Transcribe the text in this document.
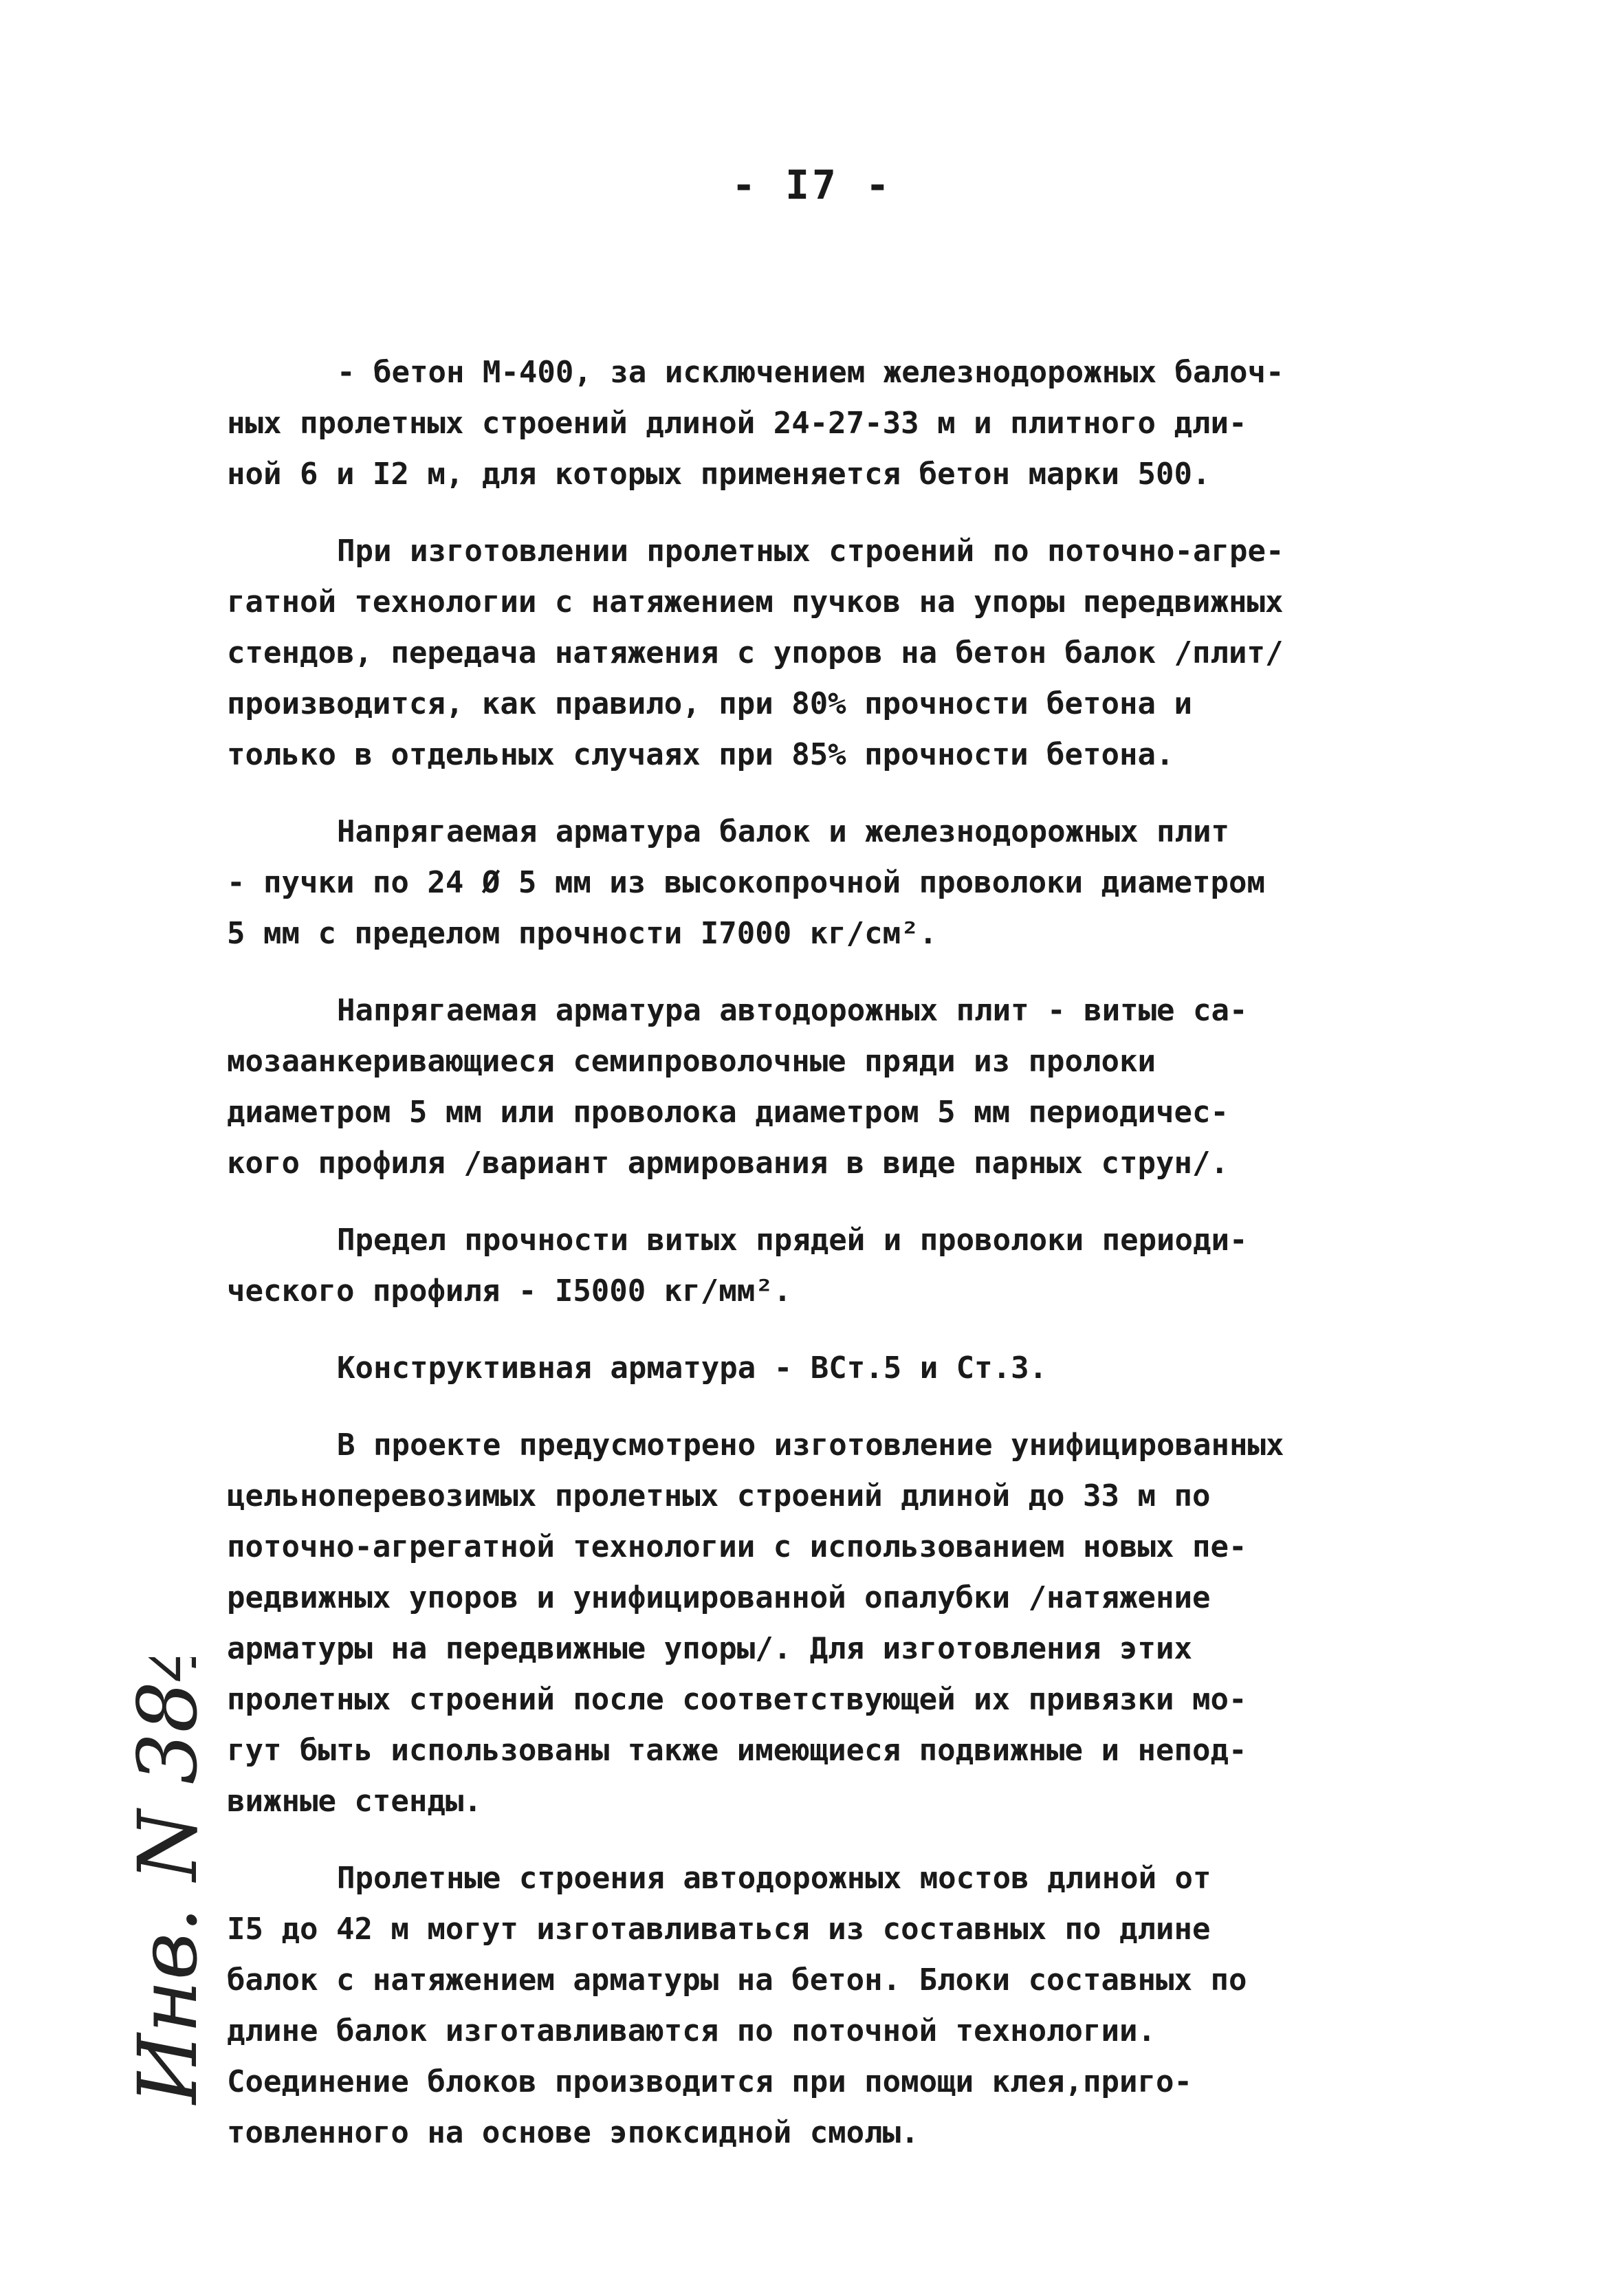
- I7 -
Инв. N 384/1
- бетон М-400, за исключением железнодорожных балоч-
ных пролетных строений длиной 24-27-33 м и плитного дли-
ной 6 и I2 м, для которых применяется бетон марки 500.
При изготовлении пролетных строений по поточно-агре-
гатной технологии с натяжением пучков на упоры передвижных
стендов, передача натяжения с упоров на бетон балок /плит/
производится, как правило, при 80% прочности бетона и
только в отдельных случаях при 85% прочности бетона.
Напрягаемая арматура балок и железнодорожных плит
- пучки по 24 Ø 5 мм из высокопрочной проволоки диаметром
5 мм с пределом прочности I7000 кг/см².
Напрягаемая арматура автодорожных плит - витые са-
мозаанкеривающиеся семипроволочные пряди из пролоки
диаметром 5 мм или проволока диаметром 5 мм периодичес-
кого профиля /вариант армирования в виде парных струн/.
Предел прочности витых прядей и проволоки периоди-
ческого профиля - I5000 кг/мм².
Конструктивная арматура - ВСт.5 и Ст.3.
В проекте предусмотрено изготовление унифицированных
цельноперевозимых пролетных строений длиной до 33 м по
поточно-агрегатной технологии с использованием новых пе-
редвижных упоров и унифицированной опалубки /натяжение
арматуры на передвижные упоры/. Для изготовления этих
пролетных строений после соответствующей их привязки мо-
гут быть использованы также имеющиеся подвижные и непод-
вижные стенды.
Пролетные строения автодорожных мостов длиной от
I5 до 42 м могут изготавливаться из составных по длине
балок с натяжением арматуры на бетон. Блоки составных по
длине балок изготавливаются по поточной технологии.
Соединение блоков производится при помощи клея,приго-
товленного на основе эпоксидной смолы.
